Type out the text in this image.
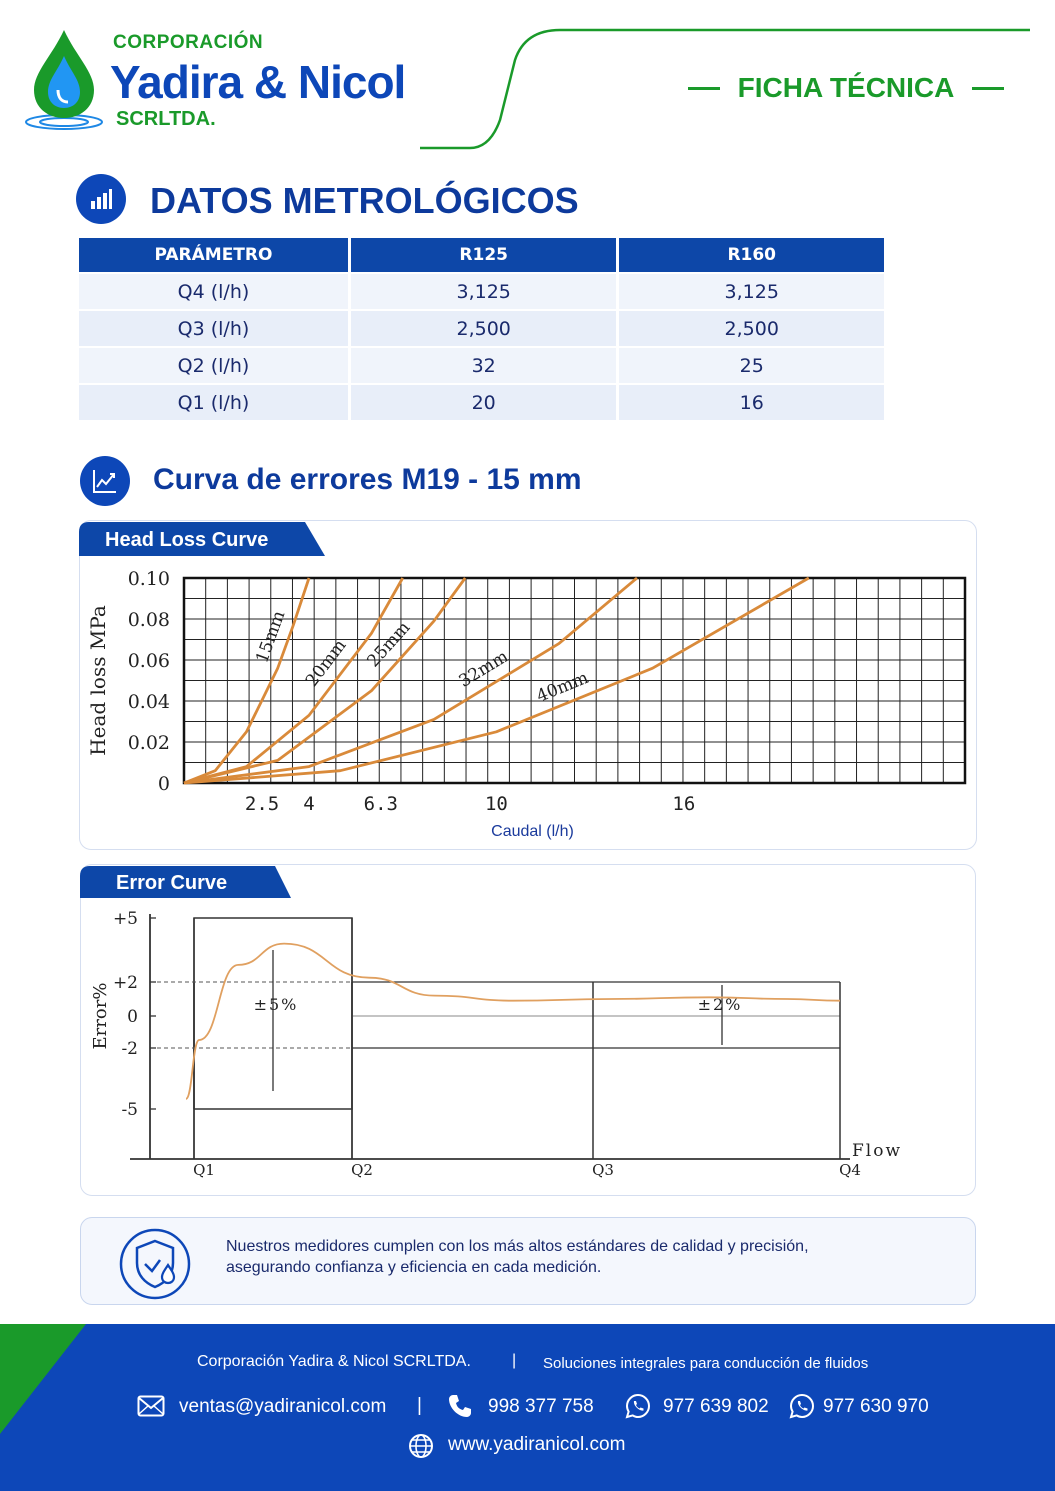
CORPORACIÓN
Yadira & Nicol
SCRLTDA.
FICHA TÉCNICA
DATOS METROLÓGICOS
PARÁMETRO	R125	R160
Q4 (l/h)	3,125	3,125
Q3 (l/h)	2,500	2,500
Q2 (l/h)	32	25
Q1 (l/h)	20	16
Curva de errores M19 - 15 mm
Head Loss Curve
0
0.02
0.04
0.06
0.08
0.10
2.5 4	6.3	10	16
Head loss MPa
Caudal (l/h)
15mm 20mm 25mm 32mm 40mm
Error Curve
+5
+2
0
-2
-5
Q1	Q2	Q3	Q4
Flow
Error%	±5%	±2%
Nuestros medidores cumplen con los más altos estándares de calidad y precisión,
asegurando confianza y eficiencia en cada medición.
Corporación Yadira & Nicol SCRLTDA.	| Soluciones integrales para conducción de fluidos
ventas@yadiranicol.com |	998 377 758	977 639 802	977 630 970
www.yadiranicol.com
